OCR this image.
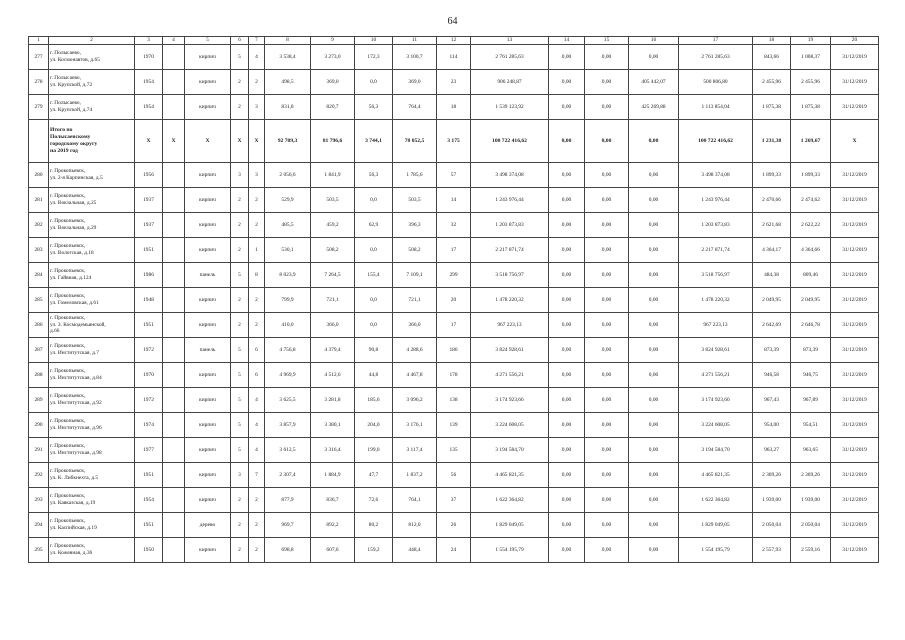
64
1	2	3	4	5	6	7	8	9	10	11	12	13	14	15	16	17	18	19	20
277	г. Полысаево,
ул. Космонавтов, д.65	1970		кирпич	5	4	3 538,4	3 273,0	172,3	3 100,7	114	2 761 285,63	0,00	0,00	0,00	2 761 285,63	843,66	1 008,37	31/12/2019
278	г. Полысаево,
ул. Крупской, д.72	1954		кирпич	2	2	498,5	369,0	0,0	369,0	23	906 248,87	0,00	0,00	405 442,07	500 806,80	2 455,96	2 455,96	31/12/2019
279	г. Полысаево,
ул. Крупской, д.74	1954		кирпич	2	3	831,8	820,7	56,3	764,4	18	1 539 123,92	0,00	0,00	425 269,88	1 113 854,04	1 875,38	1 875,38	31/12/2019
	Итого по
Полысаевскому
городскому округу
на 2019 год	X	X	X	X	X	92 709,3	81 796,6	3 744,1	78 052,5	3 175	100 722 416,62	0,00	0,00	0,00	100 722 416,62	1 231,38	1 269,67	X
280	г. Прокопьевск,
ул. 2-я Карпинская, д.5	1956		кирпич	3	3	2 056,6	1 841,9	56,3	1 785,6	57	3 498 374,08	0,00	0,00	0,00	3 498 374,08	1 899,33	1 899,33	31/12/2019
281	г. Прокопьевск,
ул. Вокзальная, д.25	1937		кирпич	2	2	529,9	503,5	0,0	503,5	14	1 243 976,44	0,00	0,00	0,00	1 243 976,44	2 470,66	2 474,62	31/12/2019
282	г. Прокопьевск,
ул. Вокзальная, д.29	1937		кирпич	2	2	485,5	459,2	62,9	396,3	32	1 203 873,83	0,00	0,00	0,00	1 203 873,83	2 621,68	2 622,22	31/12/2019
283	г. Прокопьевск,
ул. Вологская, д.18	1951		кирпич	2	1	530,1	508,2	0,0	508,2	17	2 217 871,74	0,00	0,00	0,00	2 217 871,74	4 364,17	4 364,66	31/12/2019
284	г. Прокопьевск,
ул. Гайвная, д.124	1986		панель	5	8	8 023,9	7 264,5	155,4	7 109,1	299	3 518 756,97	0,00	0,00	0,00	3 518 756,97	484,38	809,46	31/12/2019
285	г. Прокопьевск,
ул. Гомеловская, д.61	1948		кирпич	2	2	799,9	721,1	0,0	721,1	20	1 478 220,32	0,00	0,00	0,00	1 478 220,32	2 049,95	2 049,95	31/12/2019
286	г. Прокопьевск,
ул. З. Космодемьянской,
д.66	1951		кирпич	2	2	410,0	366,0	0,0	366,0	17	967 223,13	0,00	0,00	0,00	967 223,13	2 642,69	2 646,78	31/12/2019
287	г. Прокопьевск,
ул. Институтская, д.7	1972		панель	5	6	4 756,8	4 379,4	90,8	4 288,6	186	3 824 928,61	0,00	0,00	0,00	3 824 928,61	873,39	873,39	31/12/2019
288	г. Прокопьевск,
ул. Институтская, д.84	1970		кирпич	5	6	4 969,9	4 512,6	44,8	4 467,8	178	4 271 556,21	0,00	0,00	0,00	4 271 556,21	946,58	946,75	31/12/2019
289	г. Прокопьевск,
ул. Институтская, д.92	1972		кирпич	5	4	3 625,5	3 281,8	185,6	3 096,2	138	3 174 923,66	0,00	0,00	0,00	3 174 923,66	967,43	967,89	31/12/2019
290	г. Прокопьевск,
ул. Институтская, д.96	1974		кирпич	5	4	3 857,9	3 380,1	204,0	3 176,1	139	3 224 608,05	0,00	0,00	0,00	3 224 608,05	954,00	954,51	31/12/2019
291	г. Прокопьевск,
ул. Институтская, д.98	1977		кирпич	5	4	3 612,5	3 316,4	199,0	3 117,4	135	3 194 584,70	0,00	0,00	0,00	3 194 584,70	963,27	963,65	31/12/2019
292	г. Прокопьевск,
ул. К. Либкнехта, д.5	1951		кирпич	3	7	2 307,4	1 884,9	47,7	1 837,2	56	4 465 821,35	0,00	0,00	0,00	4 465 821,35	2 369,26	2 369,26	31/12/2019
293	г. Прокопьевск,
ул. Кавказская, д.19	1954		кирпич	2	2	877,9	836,7	72,6	764,1	37	1 622 364,82	0,00	0,00	0,00	1 622 364,82	1 939,00	1 939,00	31/12/2019
294	г. Прокопьевск,
ул. Каспийская, д.19	1951		дерево	2	2	969,7	892,2	80,2	812,0	26	1 829 049,05	0,00	0,00	0,00	1 829 049,05	2 050,04	2 050,04	31/12/2019
295	г. Прокопьевск,
ул. Кожевная, д.36	1950		кирпич	2	2	698,8	607,6	159,2	448,4	24	1 554 195,79	0,00	0,00	0,00	1 554 195,79	2 557,93	2 559,16	31/12/2019
